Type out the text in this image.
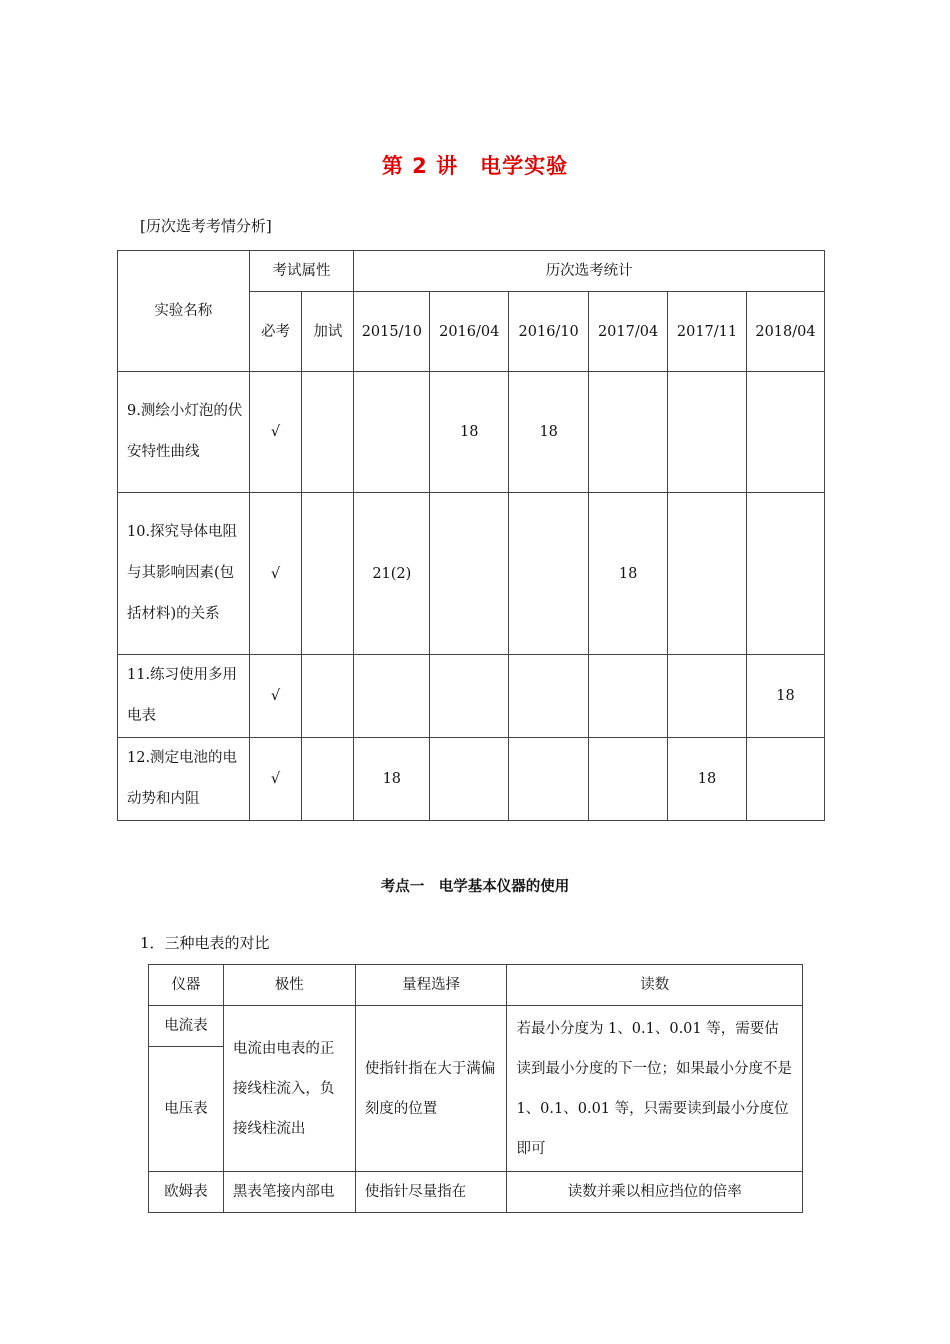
第 2 讲　电学实验
[历次选考考情分析]
实验名称	考试属性		历次选考统计					
	必考	加试	2015/10	2016/04	2016/10	2017/04	2017/11	2018/04
9.测绘小灯泡的伏安特性曲线	√			18	18			
10.探究导体电阻与其影响因素(包括材料)的关系	√		21(2)			18		
11.练习使用多用电表	√							18
12.测定电池的电动势和内阻	√		18				18	
考点一　电学基本仪器的使用
1．三种电表的对比
仪器	极性	量程选择	读数
电流表	电流由电表的正接线柱流入，负接线柱流出	使指针指在大于满偏刻度的位置	若最小分度为 1、0.1、0.01 等，需要估读到最小分度的下一位；如果最小分度不是 1、0.1、0.01 等，只需要读到最小分度位即可
电压表			
欧姆表	黑表笔接内部电	使指针尽量指在	读数并乘以相应挡位的倍率
